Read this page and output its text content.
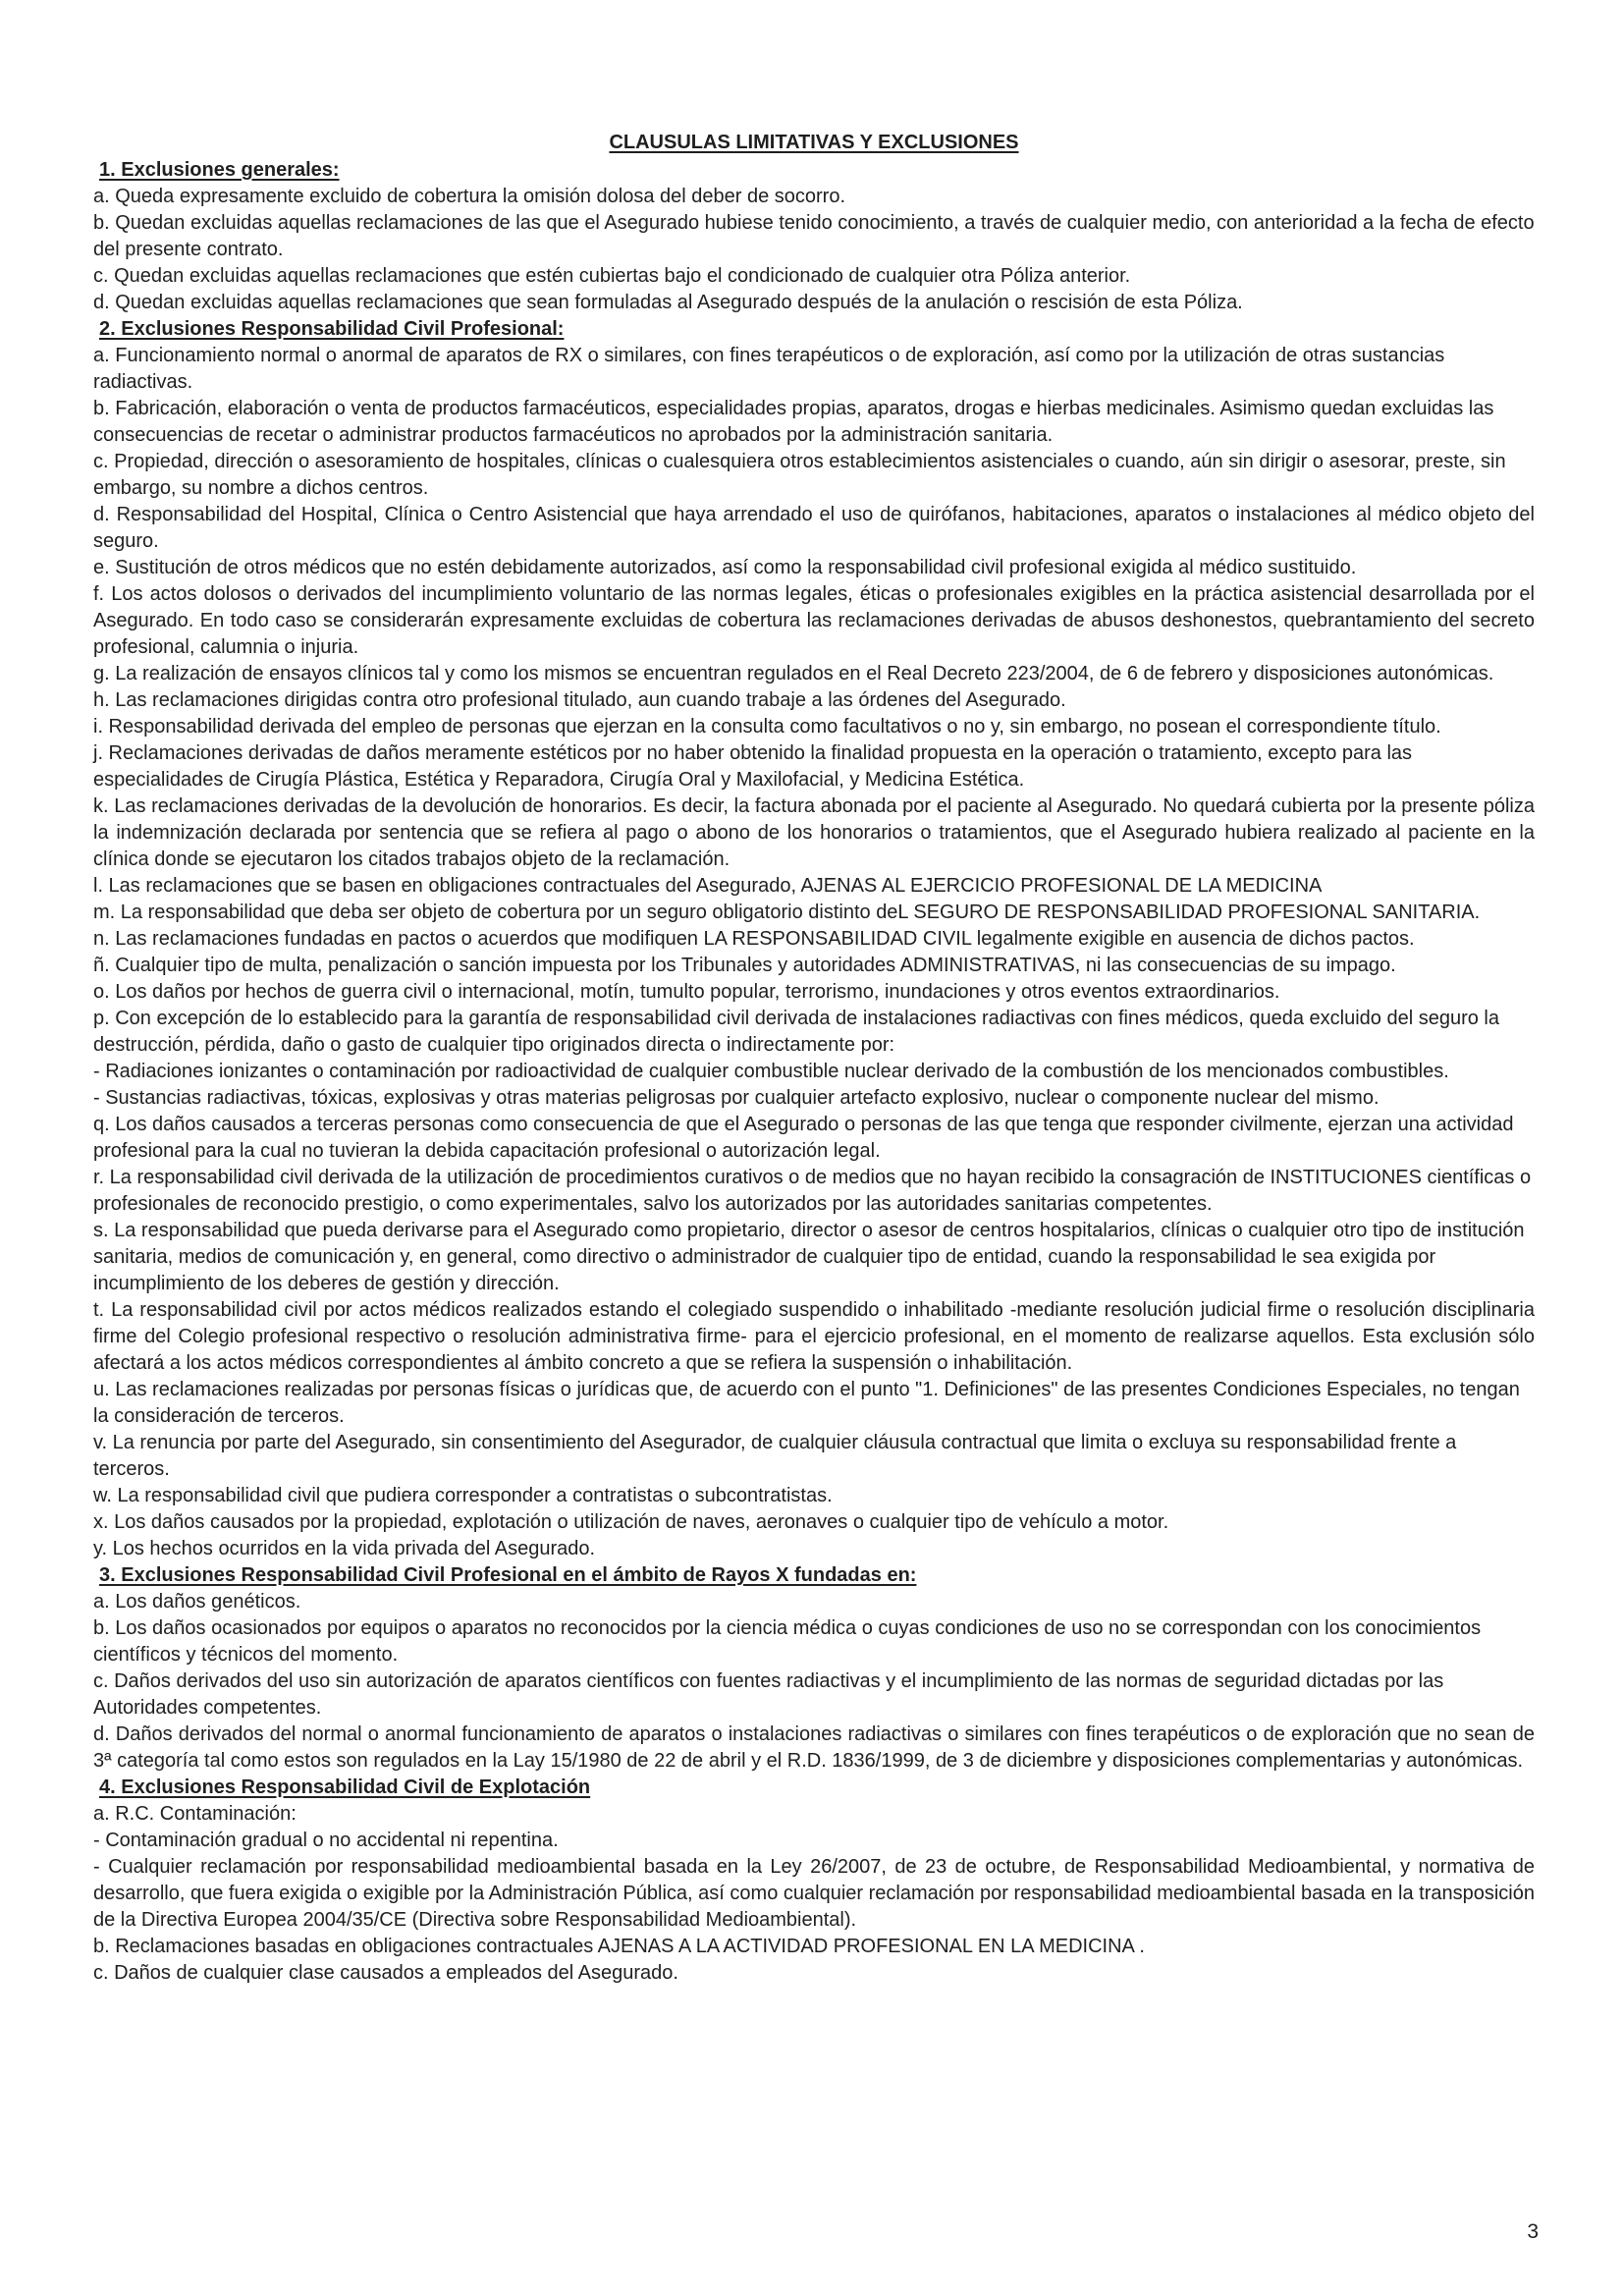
CLAUSULAS LIMITATIVAS Y EXCLUSIONES
1. Exclusiones generales:

a. Queda expresamente excluido de cobertura la omisión dolosa del deber de socorro.

b. Quedan excluidas aquellas reclamaciones de las que el Asegurado hubiese tenido conocimiento, a través de cualquier medio, con anterioridad a la fecha de efecto del presente contrato.

c. Quedan excluidas aquellas reclamaciones que estén cubiertas bajo el condicionado de cualquier otra Póliza anterior.

d. Quedan excluidas aquellas reclamaciones que sean formuladas al Asegurado después de la anulación o rescisión de esta Póliza.

2. Exclusiones Responsabilidad Civil Profesional:

a. Funcionamiento normal o anormal de aparatos de RX o similares, con fines terapéuticos o de exploración, así como por la utilización de otras sustancias radiactivas.

b. Fabricación, elaboración o venta de productos farmacéuticos, especialidades propias, aparatos, drogas e hierbas medicinales. Asimismo quedan excluidas las consecuencias de recetar o administrar productos farmacéuticos no aprobados por la administración sanitaria.

c. Propiedad, dirección o asesoramiento de hospitales, clínicas o cualesquiera otros establecimientos asistenciales o cuando, aún sin dirigir o asesorar, preste, sin embargo, su nombre a dichos centros.

d. Responsabilidad del Hospital, Clínica o Centro Asistencial que haya arrendado el uso de quirófanos, habitaciones, aparatos o instalaciones al médico objeto del seguro.

e. Sustitución de otros médicos que no estén debidamente autorizados, así como la responsabilidad civil profesional exigida al médico sustituido.

f. Los actos dolosos o derivados del incumplimiento voluntario de las normas legales, éticas o profesionales exigibles en la práctica asistencial desarrollada por el Asegurado. En todo caso se considerarán expresamente excluidas de cobertura las reclamaciones derivadas de abusos deshonestos, quebrantamiento del secreto profesional, calumnia o injuria.

g. La realización de ensayos clínicos tal y como los mismos se encuentran regulados en el Real Decreto 223/2004, de 6 de febrero y disposiciones autonómicas.

h. Las reclamaciones dirigidas contra otro profesional titulado, aun cuando trabaje a las órdenes del Asegurado.

i. Responsabilidad derivada del empleo de personas que ejerzan en la consulta como facultativos o no y, sin embargo, no posean el correspondiente título.

j. Reclamaciones derivadas de daños meramente estéticos por no haber obtenido la finalidad propuesta en la operación o tratamiento, excepto para las especialidades de Cirugía Plástica, Estética y Reparadora, Cirugía Oral y Maxilofacial, y Medicina Estética.

k. Las reclamaciones derivadas de la devolución de honorarios. Es decir, la factura abonada por el paciente al Asegurado. No quedará cubierta por la presente póliza la indemnización declarada por sentencia que se refiera al pago o abono de los honorarios o tratamientos, que el Asegurado hubiera realizado al paciente en la clínica donde se ejecutaron los citados trabajos objeto de la reclamación.

l. Las reclamaciones que se basen en obligaciones contractuales del Asegurado, AJENAS AL EJERCICIO PROFESIONAL DE LA MEDICINA

m. La responsabilidad que deba ser objeto de cobertura por un seguro obligatorio distinto deL SEGURO DE RESPONSABILIDAD PROFESIONAL SANITARIA.

n. Las reclamaciones fundadas en pactos o acuerdos que modifiquen LA RESPONSABILIDAD CIVIL legalmente exigible en ausencia de dichos pactos.

ñ. Cualquier tipo de multa, penalización o sanción impuesta por los Tribunales y autoridades ADMINISTRATIVAS, ni las consecuencias de su impago.

o. Los daños por hechos de guerra civil o internacional, motín, tumulto popular, terrorismo, inundaciones y otros eventos extraordinarios.

p. Con excepción de lo establecido para la garantía de responsabilidad civil derivada de instalaciones radiactivas con fines médicos, queda excluido del seguro la destrucción, pérdida, daño o gasto de cualquier tipo originados directa o indirectamente por:

- Radiaciones ionizantes o contaminación por radioactividad de cualquier combustible nuclear derivado de la combustión de los mencionados combustibles.

- Sustancias radiactivas, tóxicas, explosivas y otras materias peligrosas por cualquier artefacto explosivo, nuclear o componente nuclear del mismo.

q. Los daños causados a terceras personas como consecuencia de que el Asegurado o personas de las que tenga que responder civilmente, ejerzan una actividad profesional para la cual no tuvieran la debida capacitación profesional o autorización legal.

r. La responsabilidad civil derivada de la utilización de procedimientos curativos o de medios que no hayan recibido la consagración de INSTITUCIONES científicas o profesionales de reconocido prestigio, o como experimentales, salvo los autorizados por las autoridades sanitarias competentes.

s. La responsabilidad que pueda derivarse para el Asegurado como propietario, director o asesor de centros hospitalarios, clínicas o cualquier otro tipo de institución sanitaria, medios de comunicación y, en general, como directivo o administrador de cualquier tipo de entidad, cuando la responsabilidad le sea exigida por incumplimiento de los deberes de gestión y dirección.

t. La responsabilidad civil por actos médicos realizados estando el colegiado suspendido o inhabilitado -mediante resolución judicial firme o resolución disciplinaria firme del Colegio profesional respectivo o resolución administrativa firme- para el ejercicio profesional, en el momento de realizarse aquellos. Esta exclusión sólo afectará a los actos médicos correspondientes al ámbito concreto a que se refiera la suspensión o inhabilitación.

u. Las reclamaciones realizadas por personas físicas o jurídicas que, de acuerdo con el punto "1. Definiciones" de las presentes Condiciones Especiales, no tengan la consideración de terceros.

v. La renuncia por parte del Asegurado, sin consentimiento del Asegurador, de cualquier cláusula contractual que limita o excluya su responsabilidad frente a terceros.

w. La responsabilidad civil que pudiera corresponder a contratistas o subcontratistas.

x. Los daños causados por la propiedad, explotación o utilización de naves, aeronaves o cualquier tipo de vehículo a motor.

y. Los hechos ocurridos en la vida privada del Asegurado.

3. Exclusiones Responsabilidad Civil Profesional en el ámbito de Rayos X fundadas en:

a. Los daños genéticos.

b. Los daños ocasionados por equipos o aparatos no reconocidos por la ciencia médica o cuyas condiciones de uso no se correspondan con los conocimientos científicos y técnicos del momento.

c. Daños derivados del uso sin autorización de aparatos científicos con fuentes radiactivas y el incumplimiento de las normas de seguridad dictadas por las Autoridades competentes.

d. Daños derivados del normal o anormal funcionamiento de aparatos o instalaciones radiactivas o similares con fines terapéuticos o de exploración que no sean de 3ª categoría tal como estos son regulados en la Lay 15/1980 de 22 de abril y el R.D. 1836/1999, de 3 de diciembre y disposiciones complementarias y autonómicas.

4. Exclusiones Responsabilidad Civil de Explotación

a. R.C. Contaminación:

- Contaminación gradual o no accidental ni repentina.

- Cualquier reclamación por responsabilidad medioambiental basada en la Ley 26/2007, de 23 de octubre, de Responsabilidad Medioambiental, y normativa de desarrollo, que fuera exigida o exigible por la Administración Pública, así como cualquier reclamación por responsabilidad medioambiental basada en la transposición de la Directiva Europea 2004/35/CE (Directiva sobre Responsabilidad Medioambiental).

b. Reclamaciones basadas en obligaciones contractuales AJENAS A LA ACTIVIDAD PROFESIONAL EN LA MEDICINA .

c. Daños de cualquier clase causados a empleados del Asegurado.

3
